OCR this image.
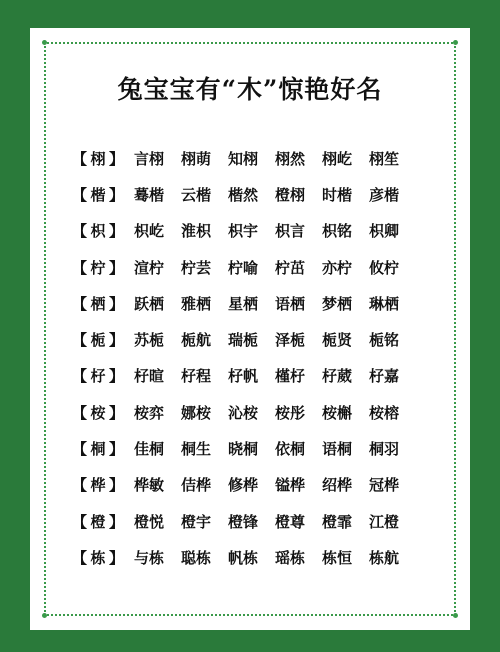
兔宝宝有“木”惊艳好名
【 栩 】 言栩	栩萌	知栩	栩然	栩屹	栩笙
【 楷 】 蓦楷	云楷	楷然	橙栩	时楷	彦楷
【 枳 】 枳屹	淮枳	枳宇	枳言	枳铭	枳卿
【 柠 】 渲柠	柠芸	柠喻	柠茁	亦柠	攸柠
【 栖 】 跃栖	雅栖	星栖	语栖	梦栖	琳栖
【 栀 】 苏栀	栀航	瑞栀	泽栀	栀贤	栀铭
【 杍 】 杍暄	杍程	杍帆	槿杍	杍葳	杍嘉
【 桉 】 桉弈	娜桉	沁桉	桉彤	桉槲	桉榕
【 桐 】 佳桐	桐生	晓桐	依桐	语桐	桐羽
【 桦 】 桦敏	佶桦	修桦	镒桦	绍桦	冠桦
【 橙 】 橙悦	橙宇	橙锋	橙尊	橙霏	江橙
【 栋 】 与栋	聪栋	帆栋	瑶栋	栋恒	栋航
